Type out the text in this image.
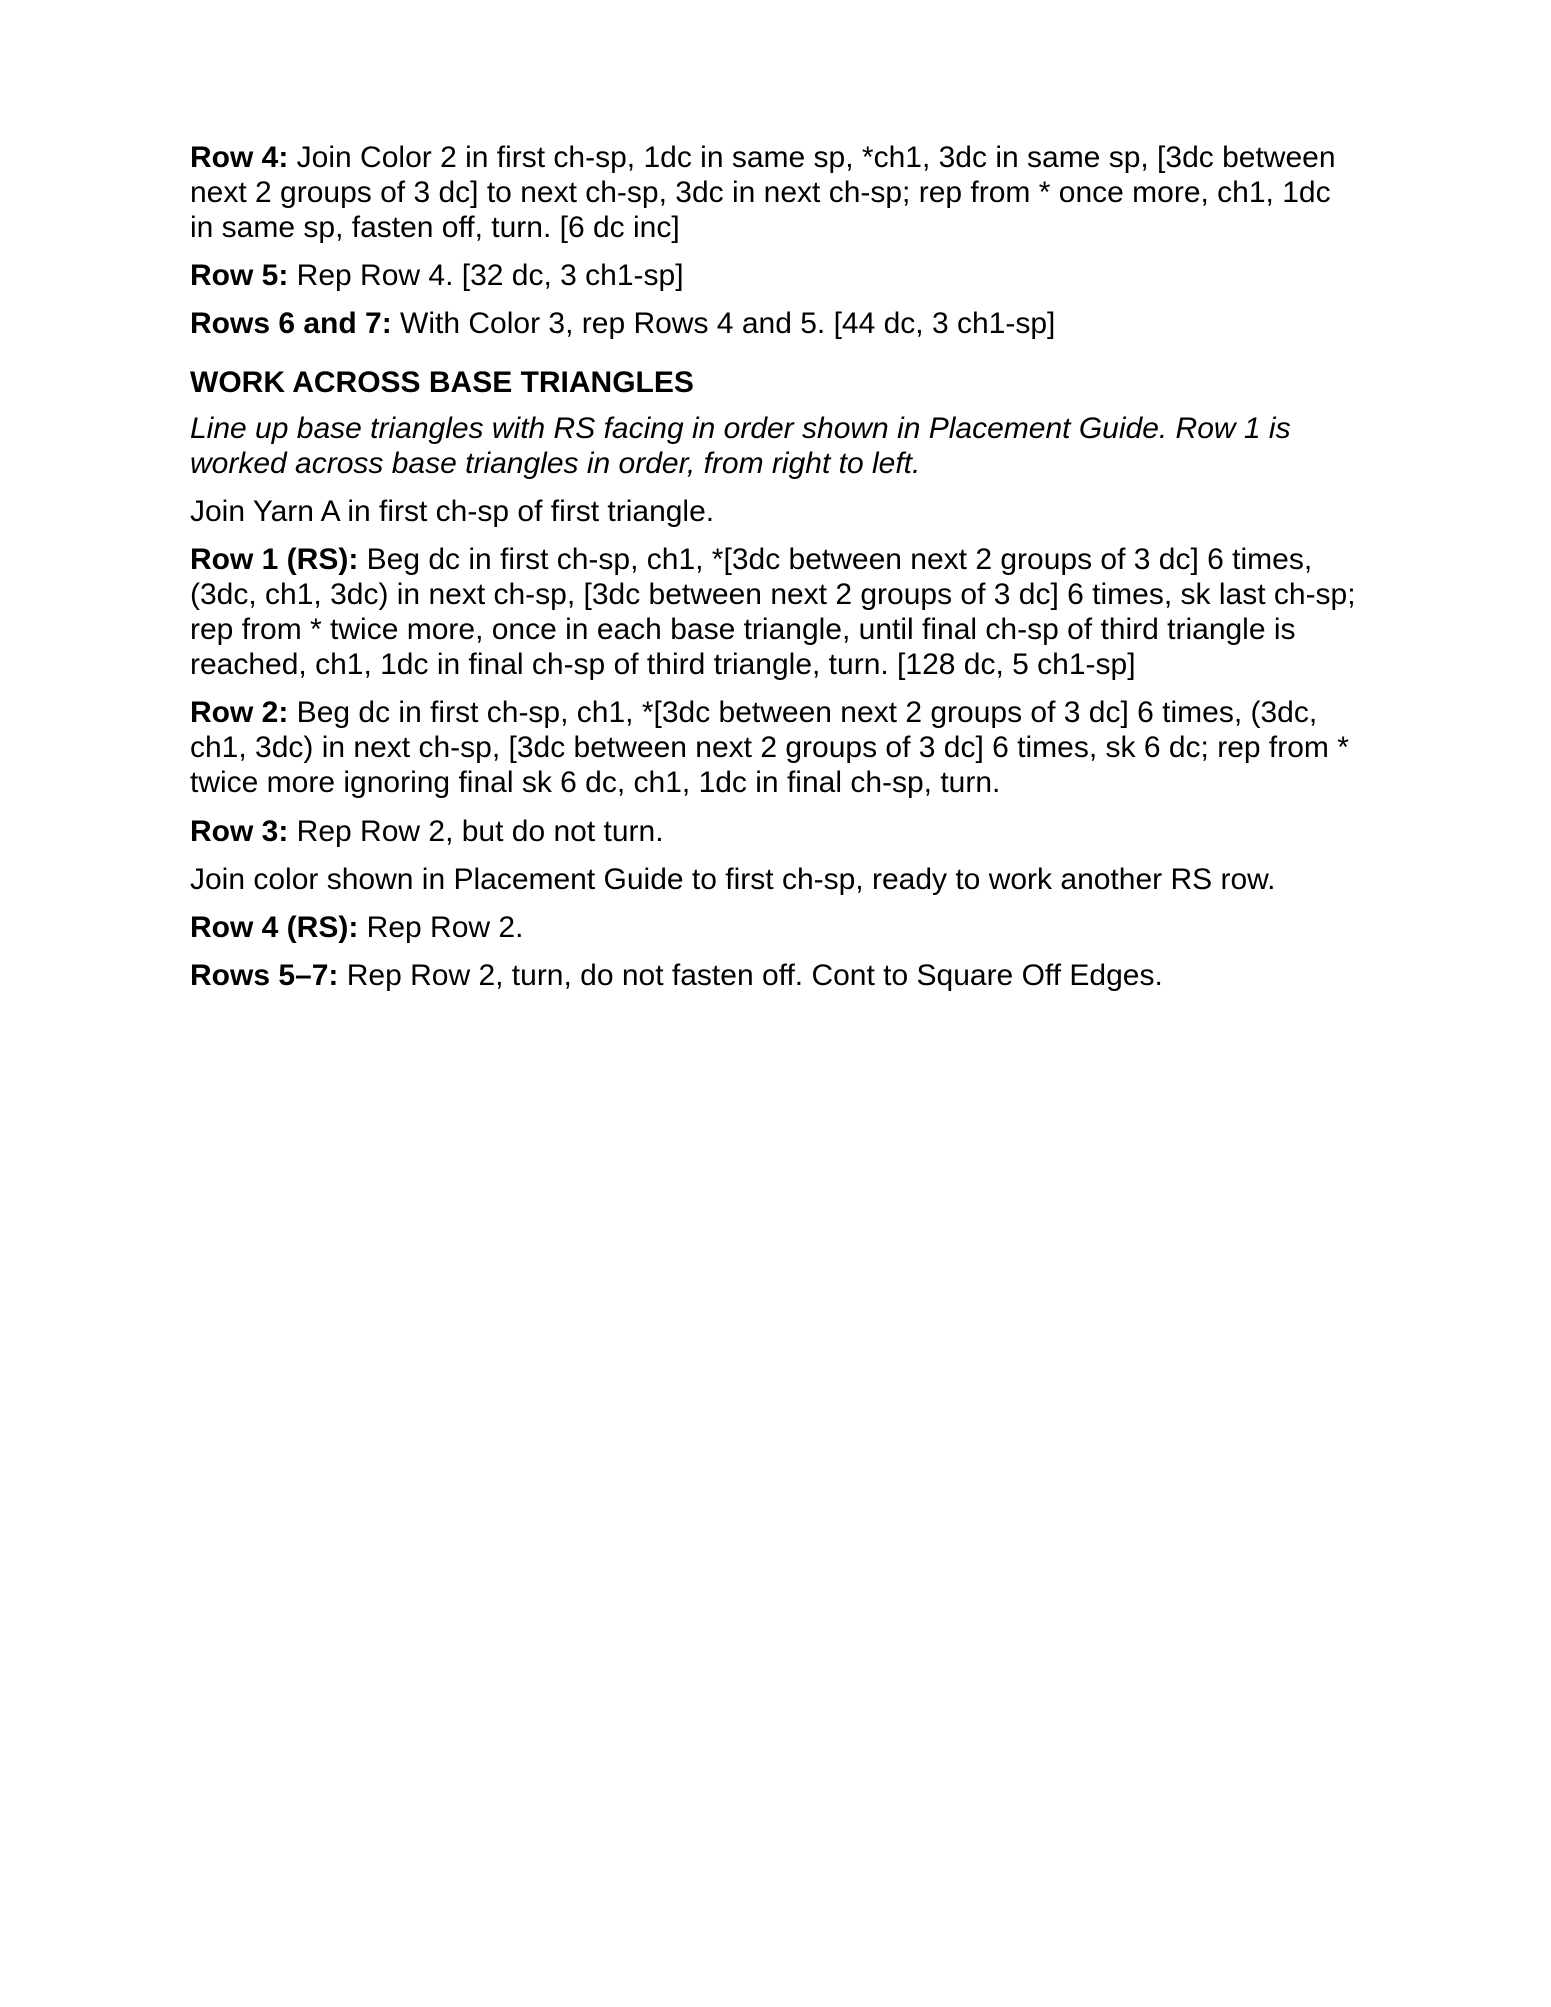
Row 4: Join Color 2 in first ch-sp, 1dc in same sp, *ch1, 3dc in same sp, [3dc between next 2 groups of 3 dc] to next ch-sp, 3dc in next ch-sp; rep from * once more, ch1, 1dc in same sp, fasten off, turn. [6 dc inc]

Row 5: Rep Row 4. [32 dc, 3 ch1-sp]

Rows 6 and 7: With Color 3, rep Rows 4 and 5. [44 dc, 3 ch1-sp]

WORK ACROSS BASE TRIANGLES

Line up base triangles with RS facing in order shown in Placement Guide. Row 1 is worked across base triangles in order, from right to left.

Join Yarn A in first ch-sp of first triangle.

Row 1 (RS): Beg dc in first ch-sp, ch1, *[3dc between next 2 groups of 3 dc] 6 times, (3dc, ch1, 3dc) in next ch-sp, [3dc between next 2 groups of 3 dc] 6 times, sk last ch-sp; rep from * twice more, once in each base triangle, until final ch-sp of third triangle is reached, ch1, 1dc in final ch-sp of third triangle, turn. [128 dc, 5 ch1-sp]

Row 2: Beg dc in first ch-sp, ch1, *[3dc between next 2 groups of 3 dc] 6 times, (3dc, ch1, 3dc) in next ch-sp, [3dc between next 2 groups of 3 dc] 6 times, sk 6 dc; rep from * twice more ignoring final sk 6 dc, ch1, 1dc in final ch-sp, turn.

Row 3: Rep Row 2, but do not turn.

Join color shown in Placement Guide to first ch-sp, ready to work another RS row.

Row 4 (RS): Rep Row 2.

Rows 5–7: Rep Row 2, turn, do not fasten off. Cont to Square Off Edges.
